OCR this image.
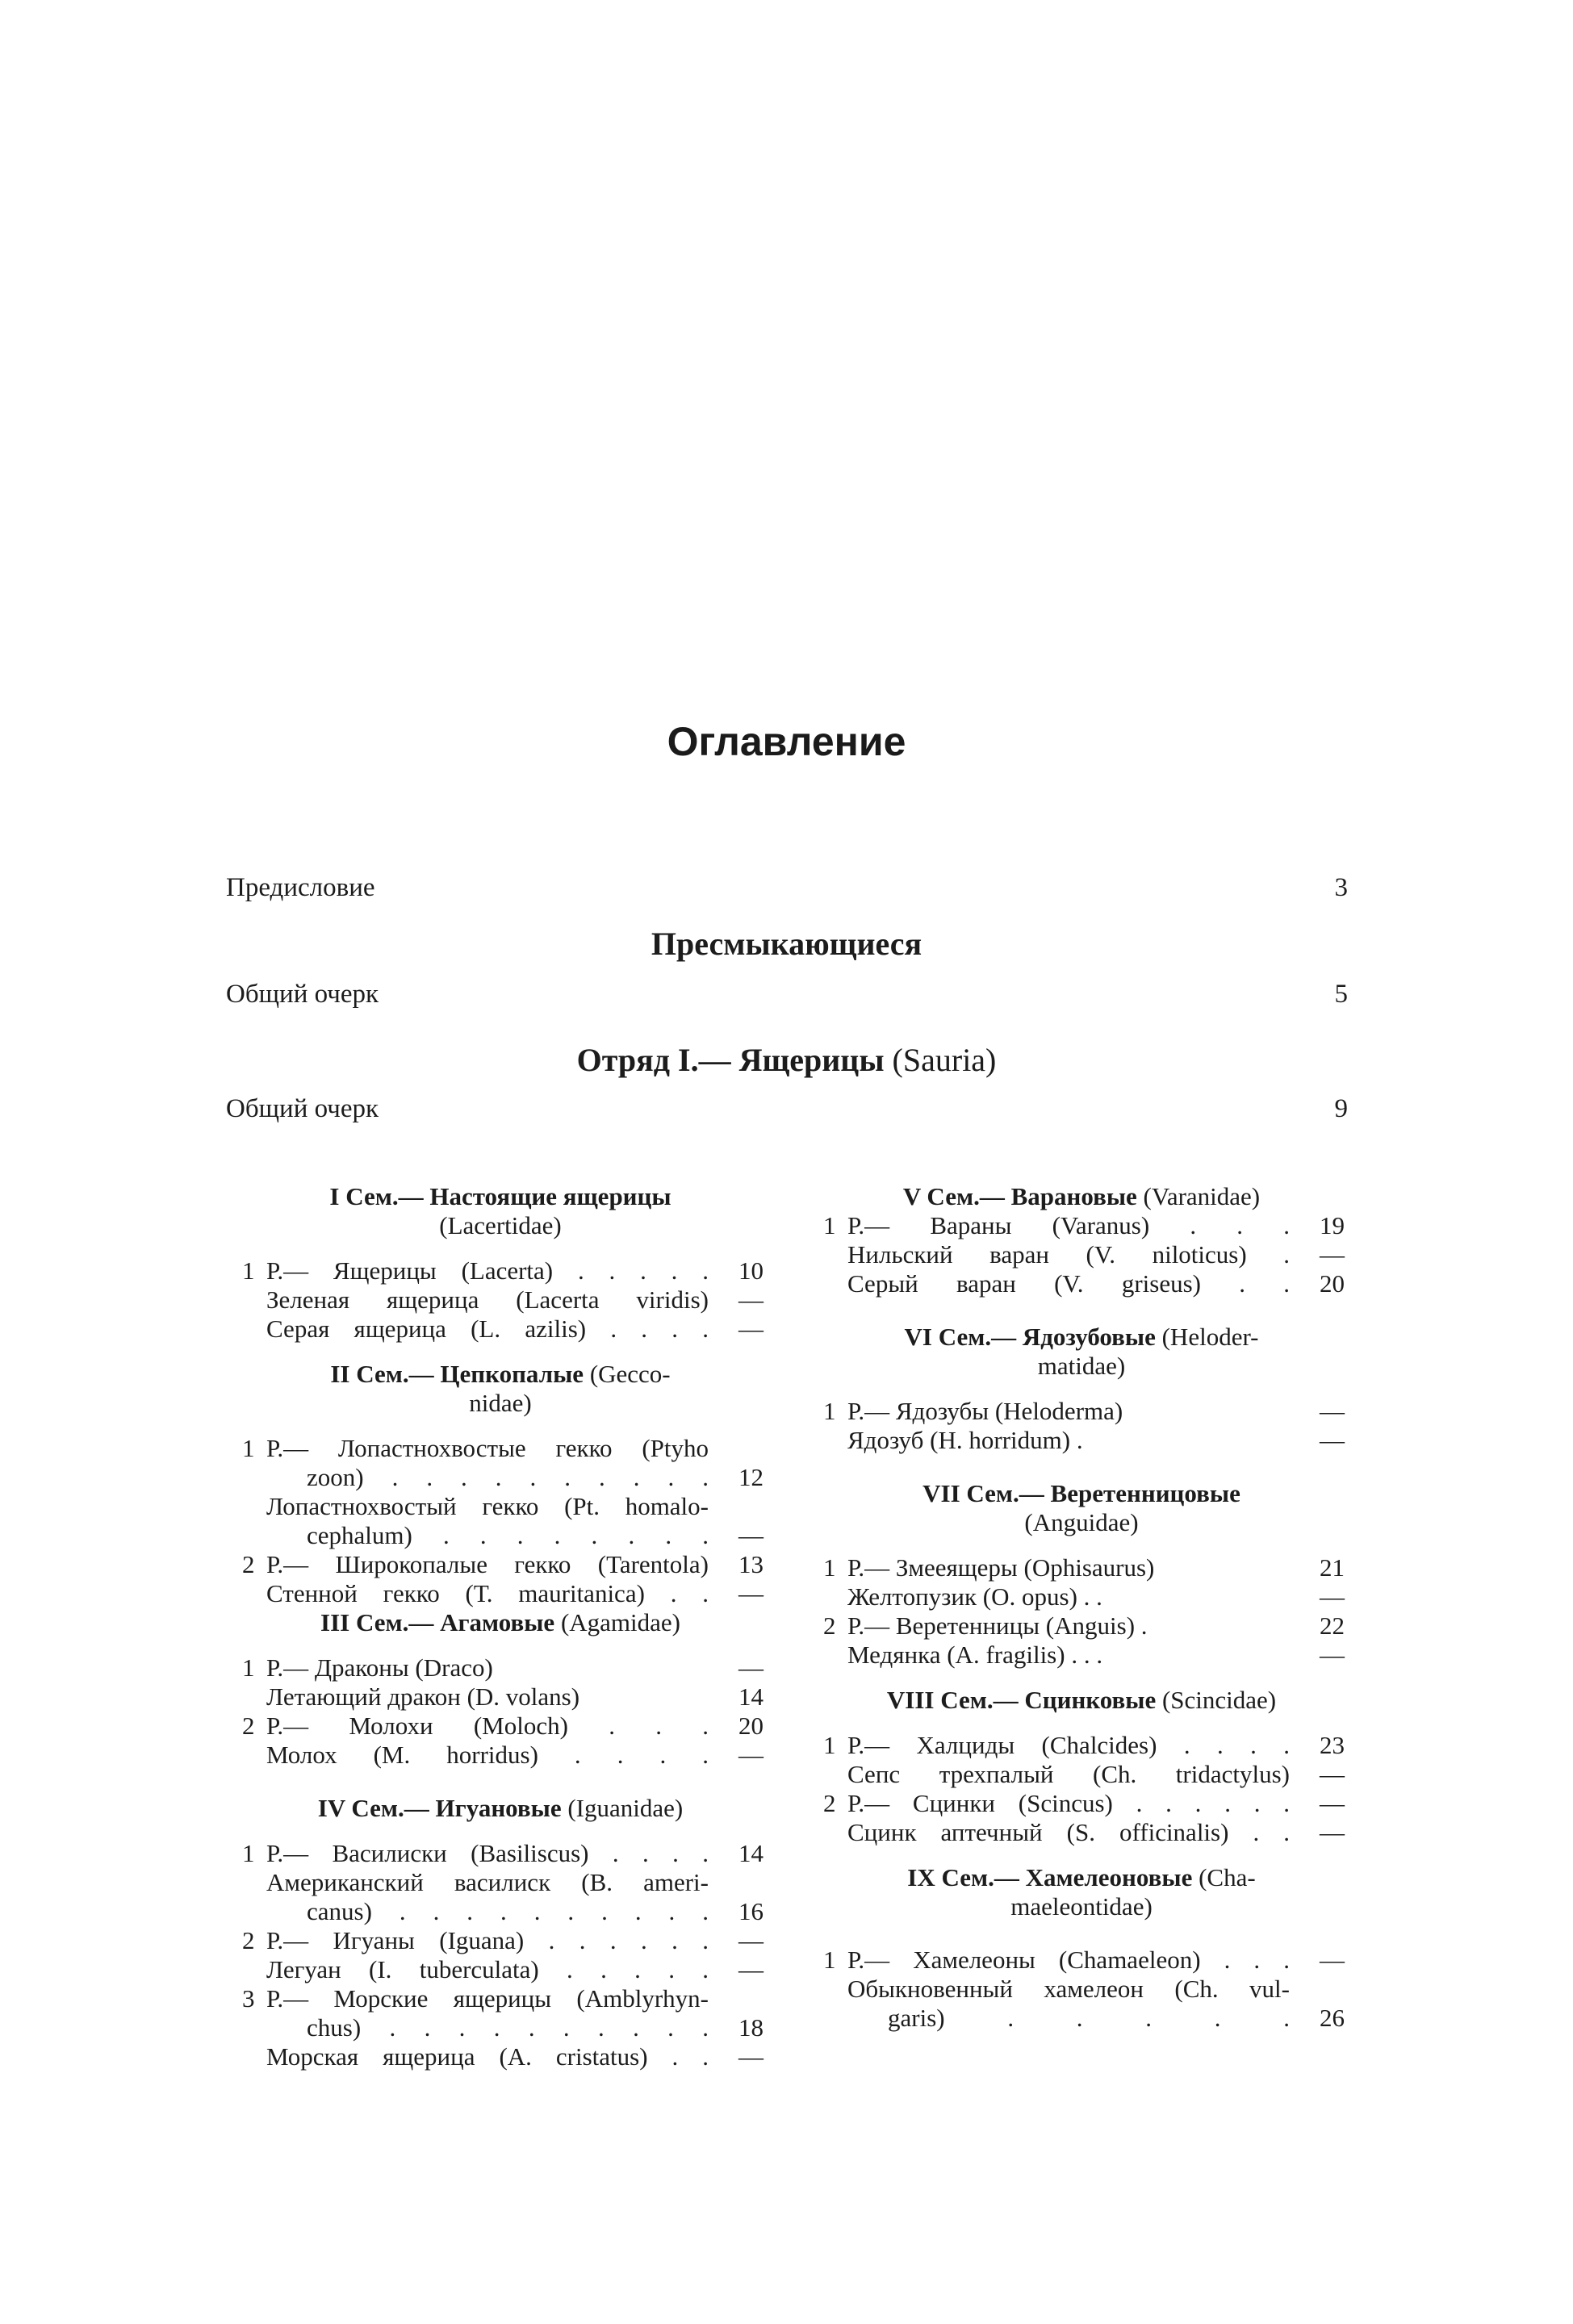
Оглавление
Предисловие	3
Пресмыкающиеся
Общий очерк	5
Отряд I.— Ящерицы (Sauria)
Общий очерк	9
I Сем.— Настоящие ящерицы
(Lacertidae)
1 Р.— Ящерицы (Lacerta) . . . . . 10
Зеленая ящерица (Lacerta viridis) —
Серая ящерица (L. azilis) . . . . —
II Сем.— Цепкопалые (Gecco-
nidae)
1 Р.— Лопастнохвостые гекко (Ptyho
zoon) . . . . . . . . . . 12
Лопастнохвостый гекко (Pt. homalo-
cephalum) . . . . . . . . —
2 Р.— Широкопалые гекко (Tarentola) 13
Стенной гекко (Т. mauritanica) . . —
III Сем.— Агамовые (Agamidae)
1 Р.— Драконы (Draco)	—
Летающий дракон (D. volans)	14
2 Р.— Молохи (Moloch) . . . 20
Молох (M. horridus) . . . . —
IV Сем.— Игуановые (Iguanidae)
1 Р.— Василиски (Basiliscus) . . . . 14
Американский василиск (В. ameri-
canus) . . . . . . . . . . 16
2 Р.— Игуаны (Iguana) . . . . . . —
Легуан (I. tuberculata) . . . . . —
3 Р.— Морские ящерицы (Amblyrhyn-
chus) . . . . . . . . . . 18
Морская ящерица (A. cristatus) . . —
V Сем.— Варановые (Varanidae)
1 Р.— Вараны (Varanus) . . . 19
Нильский варан (V. niloticus) . —
Серый варан (V. griseus) . . 20
VI Сем.— Ядозубовые (Heloder-
matidae)
1 Р.— Ядозубы (Heloderma)	—
Ядозуб (H. horridum) .	—
VII Сем.— Веретенницовые
(Anguidae)
1 Р.— Змееящеры (Ophisaurus)	21
Желтопузик (O. opus) . .	—
2 Р.— Веретенницы (Anguis) .	22
Медянка (A. fragilis) . . .	—
VIII Сем.— Сцинковые (Scincidae)
1 Р.— Халциды (Chalcides) . . . . 23
Сепс трехпалый (Ch. tridactylus) —
2 Р.— Сцинки (Scincus) . . . . . . —
Сцинк аптечный (S. officinalis) . . —
IX Сем.— Хамелеоновые (Cha-
maeleontidae)
1 Р.— Хамелеоны (Chamaeleon) . . . —
Обыкновенный хамелеон (Ch. vul-
garis) . . . . . 26
